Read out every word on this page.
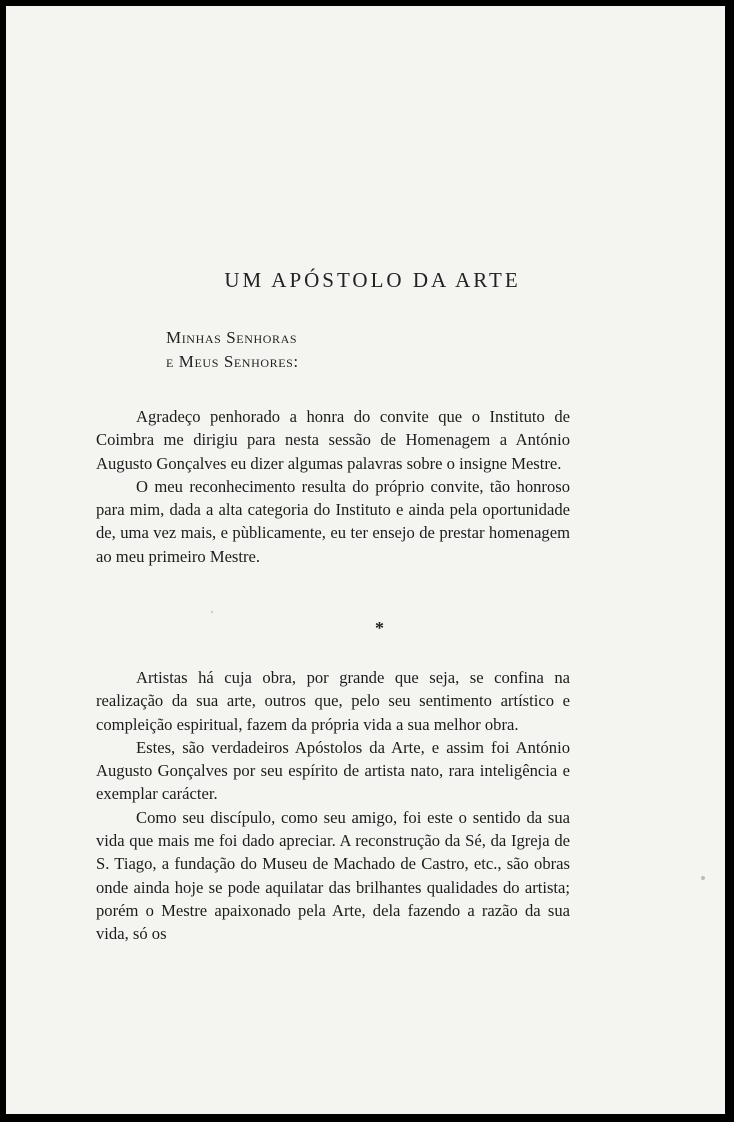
UM APÓSTOLO DA ARTE
Minhas Senhoras
e Meus Senhores:

Agradeço penhorado a honra do convite que o Instituto de Coimbra me dirigiu para nesta sessão de Homenagem a António Augusto Gonçalves eu dizer algumas palavras sobre o insigne Mestre.

O meu reconhecimento resulta do próprio convite, tão honroso para mim, dada a alta categoria do Instituto e ainda pela oportunidade de, uma vez mais, e pùblicamente, eu ter ensejo de prestar homenagem ao meu primeiro Mestre.

*

Artistas há cuja obra, por grande que seja, se confina na realização da sua arte, outros que, pelo seu sentimento artístico e compleição espiritual, fazem da própria vida a sua melhor obra.

Estes, são verdadeiros Apóstolos da Arte, e assim foi António Augusto Gonçalves por seu espírito de artista nato, rara inteligência e exemplar carácter.

Como seu discípulo, como seu amigo, foi este o sentido da sua vida que mais me foi dado apreciar. A reconstrução da Sé, da Igreja de S. Tiago, a fundação do Museu de Machado de Castro, etc., são obras onde ainda hoje se pode aquilatar das brilhantes qualidades do artista; porém o Mestre apaixonado pela Arte, dela fazendo a razão da sua vida, só os
